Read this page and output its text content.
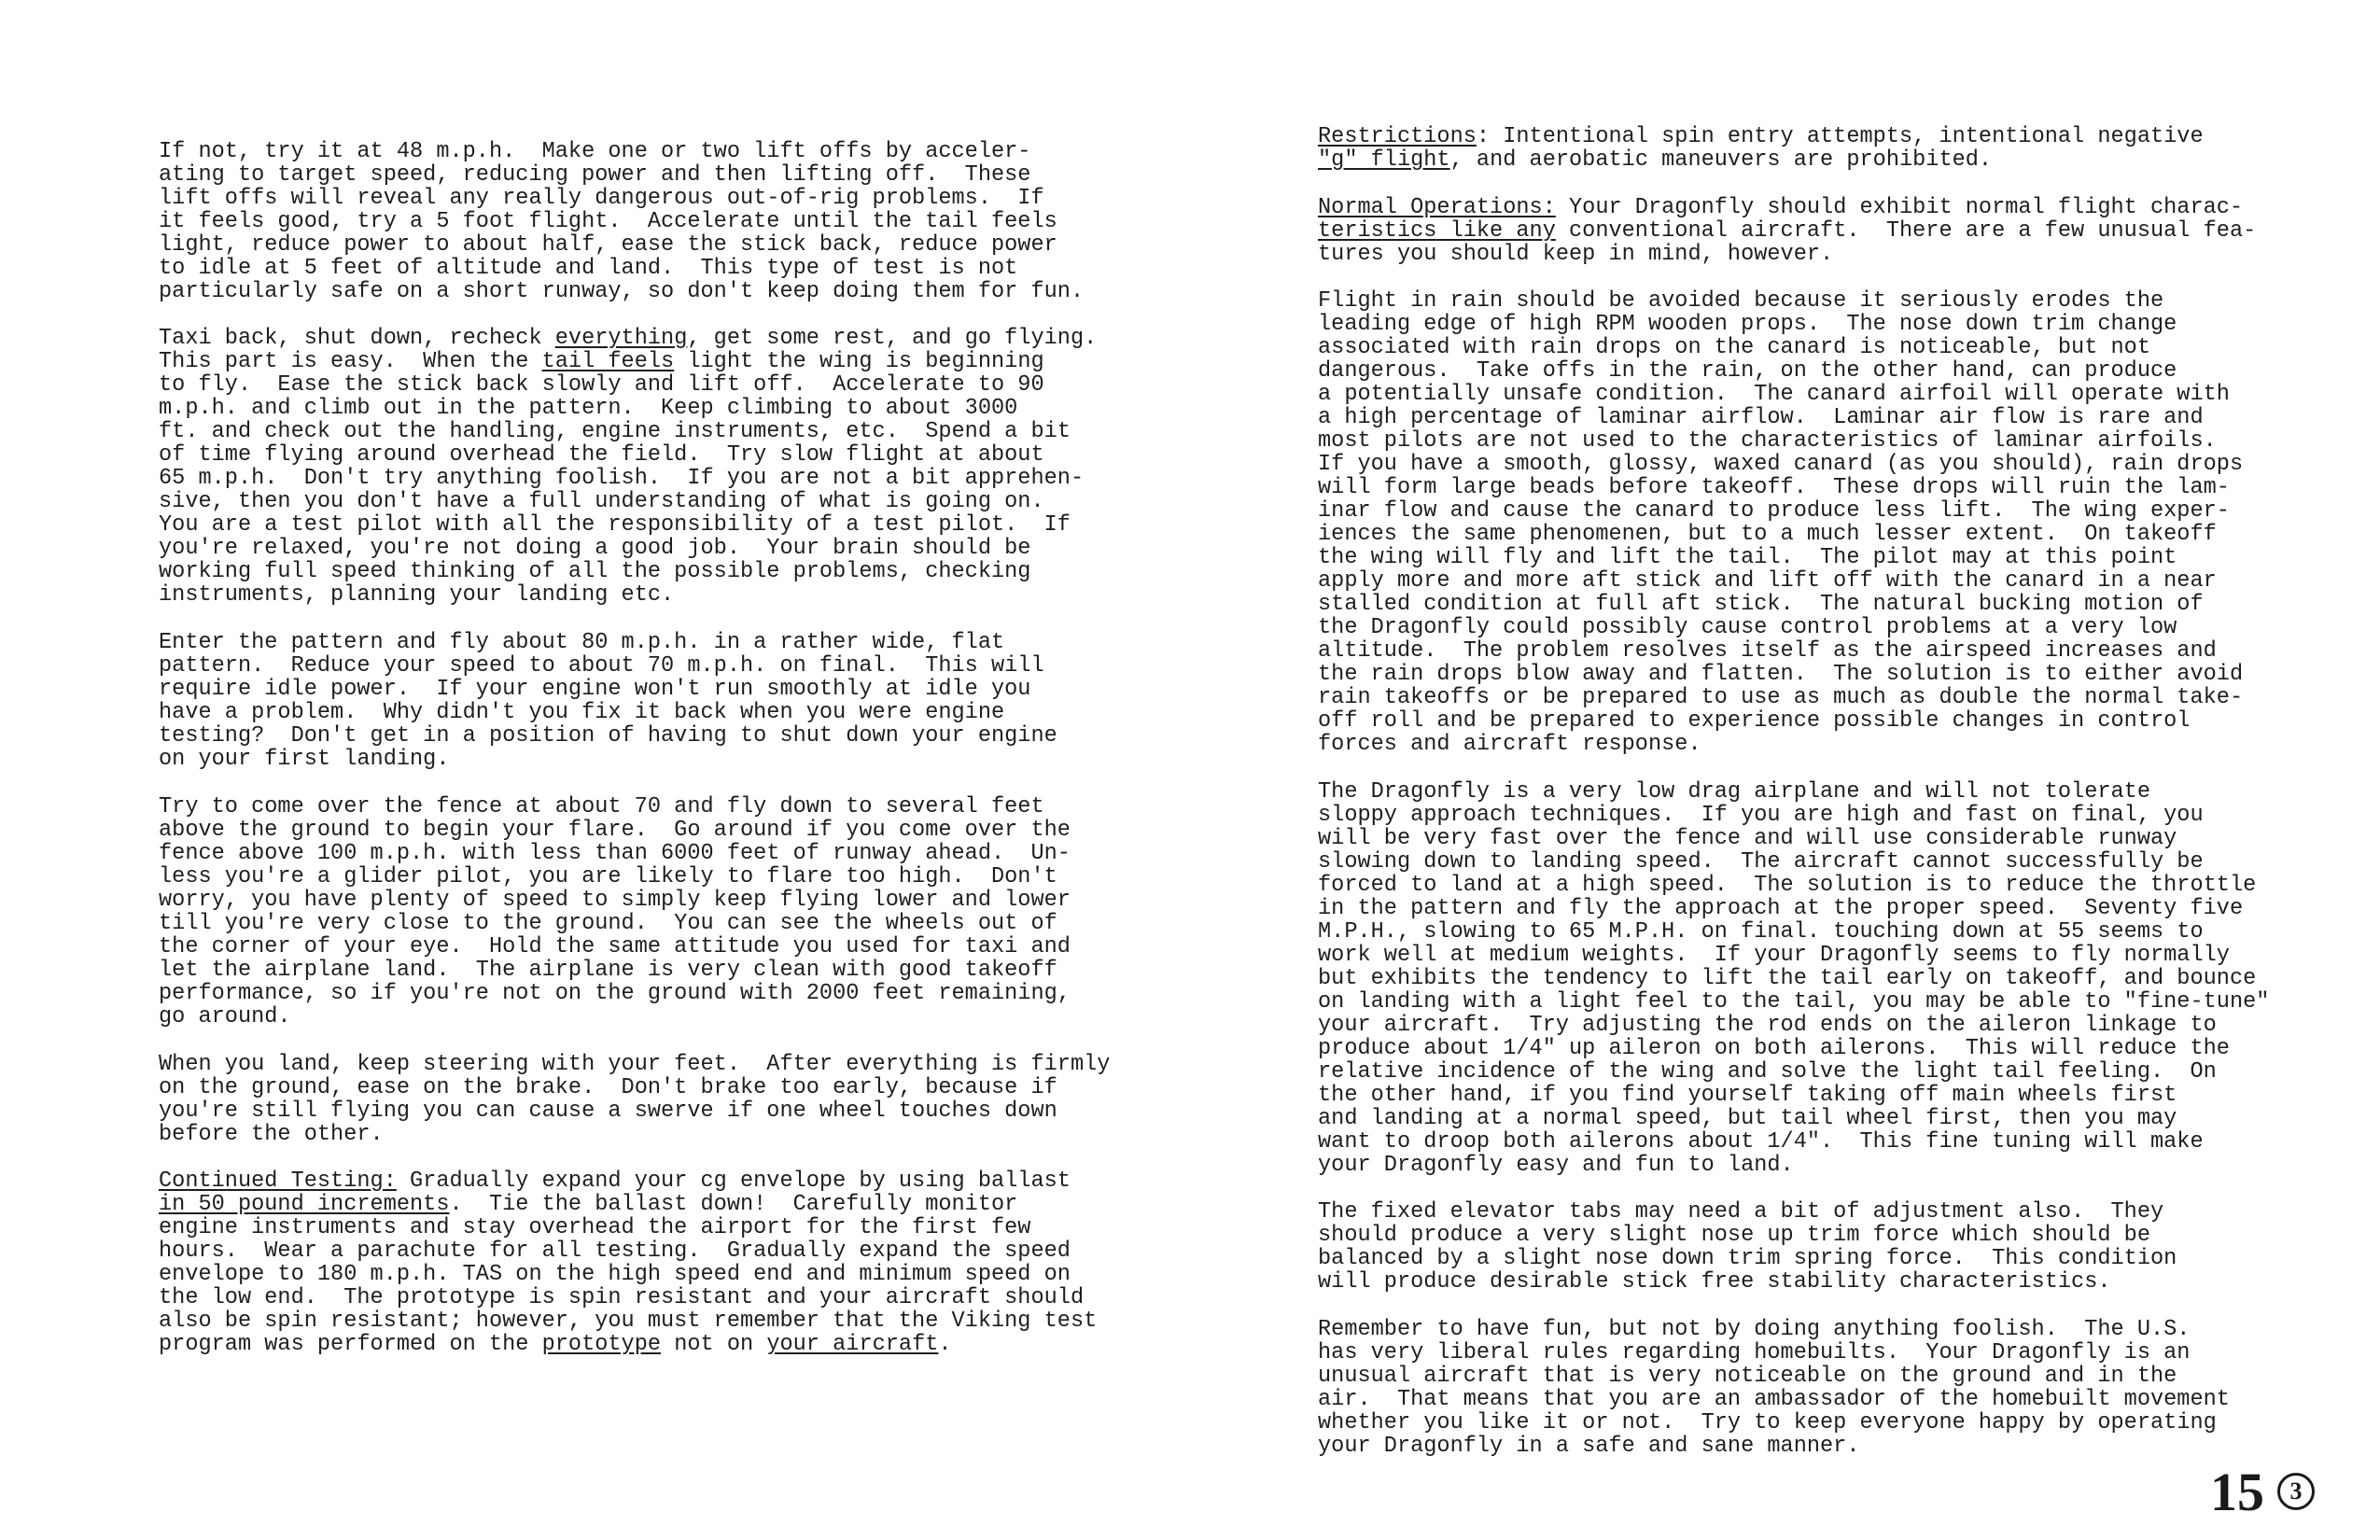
If not, try it at 48 m.p.h.  Make one or two lift offs by acceler-
ating to target speed, reducing power and then lifting off.  These
lift offs will reveal any really dangerous out-of-rig problems.  If
it feels good, try a 5 foot flight.  Accelerate until the tail feels
light, reduce power to about half, ease the stick back, reduce power
to idle at 5 feet of altitude and land.  This type of test is not
particularly safe on a short runway, so don't keep doing them for fun.
Taxi back, shut down, recheck everything, get some rest, and go flying.
This part is easy.  When the tail feels light the wing is beginning
to fly.  Ease the stick back slowly and lift off.  Accelerate to 90
m.p.h. and climb out in the pattern.  Keep climbing to about 3000
ft. and check out the handling, engine instruments, etc.  Spend a bit
of time flying around overhead the field.  Try slow flight at about
65 m.p.h.  Don't try anything foolish.  If you are not a bit apprehen-
sive, then you don't have a full understanding of what is going on.
You are a test pilot with all the responsibility of a test pilot.  If
you're relaxed, you're not doing a good job.  Your brain should be
working full speed thinking of all the possible problems, checking
instruments, planning your landing etc.
Enter the pattern and fly about 80 m.p.h. in a rather wide, flat
pattern.  Reduce your speed to about 70 m.p.h. on final.  This will
require idle power.  If your engine won't run smoothly at idle you
have a problem.  Why didn't you fix it back when you were engine
testing?  Don't get in a position of having to shut down your engine
on your first landing.
Try to come over the fence at about 70 and fly down to several feet
above the ground to begin your flare.  Go around if you come over the
fence above 100 m.p.h. with less than 6000 feet of runway ahead.  Un-
less you're a glider pilot, you are likely to flare too high.  Don't
worry, you have plenty of speed to simply keep flying lower and lower
till you're very close to the ground.  You can see the wheels out of
the corner of your eye.  Hold the same attitude you used for taxi and
let the airplane land.  The airplane is very clean with good takeoff
performance, so if you're not on the ground with 2000 feet remaining,
go around.
When you land, keep steering with your feet.  After everything is firmly
on the ground, ease on the brake.  Don't brake too early, because if
you're still flying you can cause a swerve if one wheel touches down
before the other.
Continued Testing: Gradually expand your cg envelope by using ballast
in 50 pound increments.  Tie the ballast down!  Carefully monitor
engine instruments and stay overhead the airport for the first few
hours.  Wear a parachute for all testing.  Gradually expand the speed
envelope to 180 m.p.h. TAS on the high speed end and minimum speed on
the low end.  The prototype is spin resistant and your aircraft should
also be spin resistant; however, you must remember that the Viking test
program was performed on the prototype not on your aircraft.
Restrictions: Intentional spin entry attempts, intentional negative
"g" flight, and aerobatic maneuvers are prohibited.
Normal Operations: Your Dragonfly should exhibit normal flight charac-
teristics like any conventional aircraft.  There are a few unusual fea-
tures you should keep in mind, however.
Flight in rain should be avoided because it seriously erodes the
leading edge of high RPM wooden props.  The nose down trim change
associated with rain drops on the canard is noticeable, but not
dangerous.  Take offs in the rain, on the other hand, can produce
a potentially unsafe condition.  The canard airfoil will operate with
a high percentage of laminar airflow.  Laminar air flow is rare and
most pilots are not used to the characteristics of laminar airfoils.
If you have a smooth, glossy, waxed canard (as you should), rain drops
will form large beads before takeoff.  These drops will ruin the lam-
inar flow and cause the canard to produce less lift.  The wing exper-
iences the same phenomenen, but to a much lesser extent.  On takeoff
the wing will fly and lift the tail.  The pilot may at this point
apply more and more aft stick and lift off with the canard in a near
stalled condition at full aft stick.  The natural bucking motion of
the Dragonfly could possibly cause control problems at a very low
altitude.  The problem resolves itself as the airspeed increases and
the rain drops blow away and flatten.  The solution is to either avoid
rain takeoffs or be prepared to use as much as double the normal take-
off roll and be prepared to experience possible changes in control
forces and aircraft response.
The Dragonfly is a very low drag airplane and will not tolerate
sloppy approach techniques.  If you are high and fast on final, you
will be very fast over the fence and will use considerable runway
slowing down to landing speed.  The aircraft cannot successfully be
forced to land at a high speed.  The solution is to reduce the throttle
in the pattern and fly the approach at the proper speed.  Seventy five
M.P.H., slowing to 65 M.P.H. on final. touching down at 55 seems to
work well at medium weights.  If your Dragonfly seems to fly normally
but exhibits the tendency to lift the tail early on takeoff, and bounce
on landing with a light feel to the tail, you may be able to "fine-tune"
your aircraft.  Try adjusting the rod ends on the aileron linkage to
produce about 1/4" up aileron on both ailerons.  This will reduce the
relative incidence of the wing and solve the light tail feeling.  On
the other hand, if you find yourself taking off main wheels first
and landing at a normal speed, but tail wheel first, then you may
want to droop both ailerons about 1/4".  This fine tuning will make
your Dragonfly easy and fun to land.
The fixed elevator tabs may need a bit of adjustment also.  They
should produce a very slight nose up trim force which should be
balanced by a slight nose down trim spring force.  This condition
will produce desirable stick free stability characteristics.
Remember to have fun, but not by doing anything foolish.  The U.S.
has very liberal rules regarding homebuilts.  Your Dragonfly is an
unusual aircraft that is very noticeable on the ground and in the
air.  That means that you are an ambassador of the homebuilt movement
whether you like it or not.  Try to keep everyone happy by operating
your Dragonfly in a safe and sane manner.
15	3
